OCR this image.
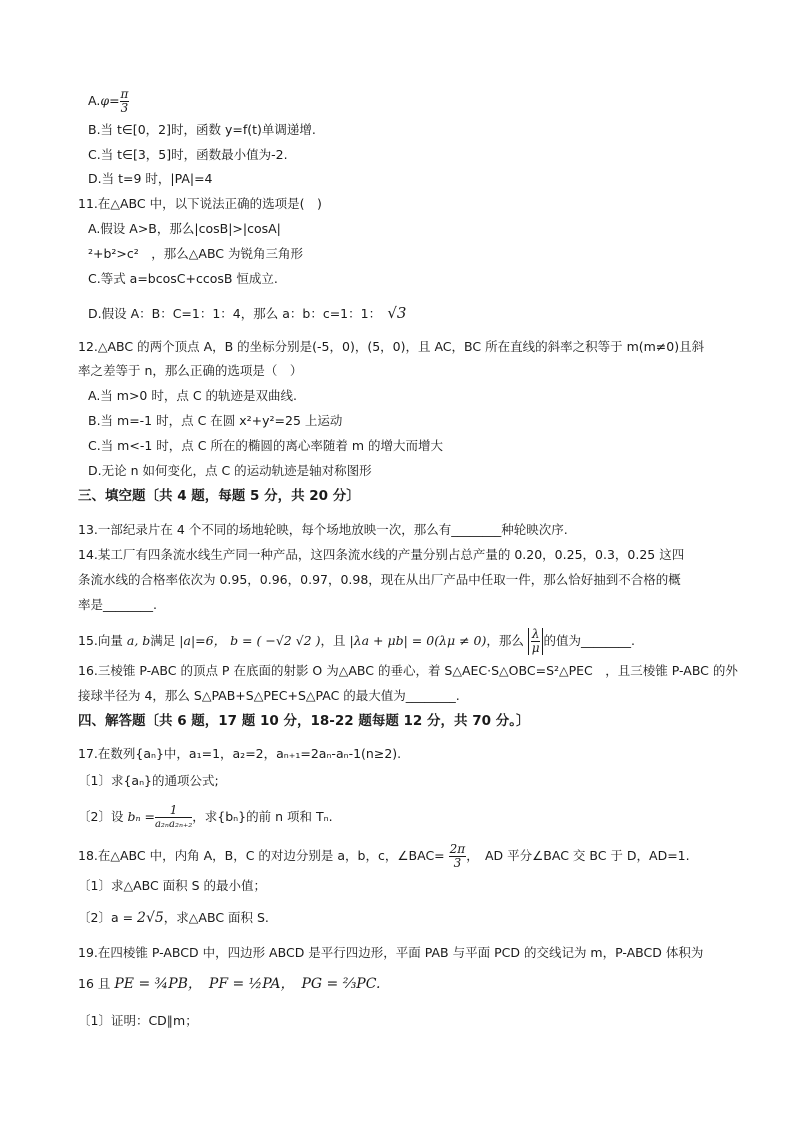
$A.\varphi= \frac{\pi}{3}$
B.当 t∈[0，2]时，函数 y=f(t)单调递增.
C.当 t∈[3，5]时，函数最小值为-2.
D.当 t=9 时，|PA|=4
11.在△ABC 中，以下说法正确的选项是(　)
A.假设 A>B，那么|cosB|>|cosA|
²+b²>c²　，那么△ABC 为锐角三角形
C.等式 a=bcosC+ccosB 恒成立.
D.假设 A：B：C=1：1：4，那么 a：b：c=1：1：　 √3
12.△ABC 的两个顶点 A，B 的坐标分别是(-5，0)，(5，0)，且 AC，BC 所在直线的斜率之积等于 m(m≠0)且斜
率之差等于 n，那么正确的选项是（　）
A.当 m>0 时，点 C 的轨迹是双曲线.
B.当 m=-1 时，点 C 在圆 x²+y²=25 上运动
C.当 m<-1 时，点 C 所在的椭圆的离心率随着 m 的增大而增大
D.无论 n 如何变化，点 C 的运动轨迹是轴对称图形
三、填空题〔共 4 题，每题 5 分，共 20 分〕
13.一部纪录片在 4 个不同的场地轮映，每个场地放映一次，那么有________种轮映次序.
14.某工厂有四条流水线生产同一种产品，这四条流水线的产量分别占总产量的 0.20，0.25，0.3，0.25 这四
条流水线的合格率依次为 0.95，0.96，0.97，0.98，现在从出厂产品中任取一件，那么恰好抽到不合格的概
率是________.
15.向量 a, b满足 |a|=6， b = ( −√2 √2 )，且 |λa + μb| = 0(λμ ≠ 0)，那么 $\frac{\lambda}{\mu}$ 的值为________.
16.三棱锥 P-ABC 的顶点 P 在底面的射影 O 为△ABC 的垂心，着 S△AEC·S△OBC=S²△PEC　，且三棱锥 P-ABC 的外
接球半径为 4，那么 S△PAB+S△PEC+S△PAC 的最大值为________.
四、解答题〔共 6 题，17 题 10 分，18-22 题每题 12 分，共 70 分。〕
17.在数列{aₙ}中，a₁=1，a₂=2，aₙ₊₁=2aₙ-aₙ-1(n≥2).
〔1〕求{aₙ}的通项公式;
〔2〕设 bₙ =	1
a₂ₙa₂ₙ₊₂
，求{bₙ}的前 n 项和 Tₙ.
18.在△ABC 中，内角 A，B，C 的对边分别是 a，b，c，∠BAC= $\frac{2\pi}{3}$ ，　AD 平分∠BAC 交 BC 于 D，AD=1.
〔1〕求△ABC 面积 S 的最小值；
〔2〕a = 2√5，求△ABC 面积 S.
19.在四棱锥 P-ABCD 中，四边形 ABCD 是平行四边形，平面 PAB 与平面 PCD 的交线记为 m，P-ABCD 体积为
16 且 PE = ¾PB，　PF = ½PA，　PG = ⅔PC.
〔1〕证明：CD∥m；
